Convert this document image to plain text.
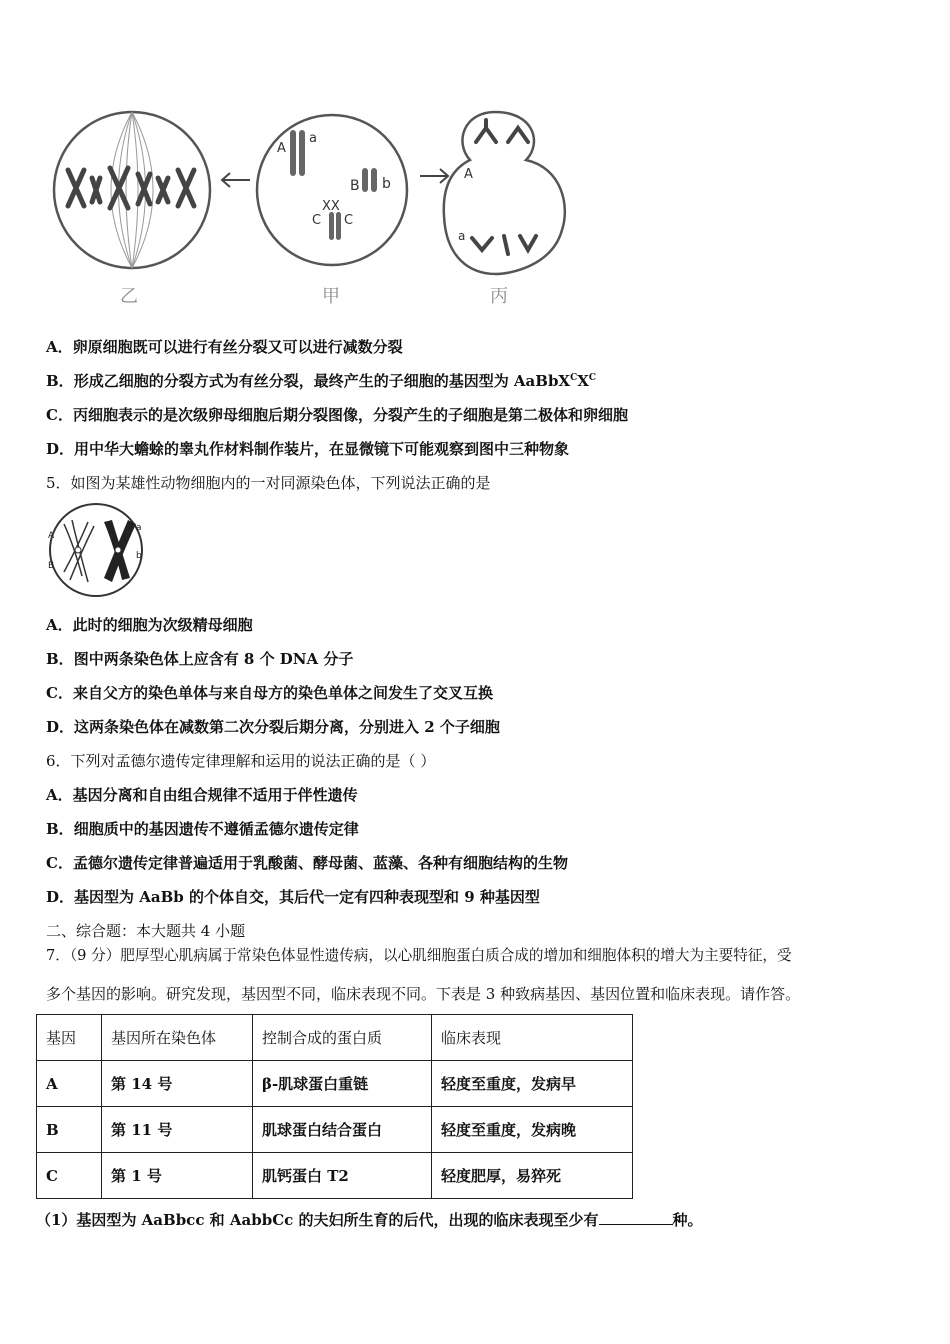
a
A
B b
XX
C C
A
a
乙	甲	丙
A．卵原细胞既可以进行有丝分裂又可以进行减数分裂
B．形成乙细胞的分裂方式为有丝分裂，最终产生的子细胞的基因型为 $AaBbX^CX^C$
C．丙细胞表示的是次级卵母细胞后期分裂图像，分裂产生的子细胞是第二极体和卵细胞
D．用中华大蟾蜍的睾丸作材料制作装片，在显微镜下可能观察到图中三种物象
5．如图为某雄性动物细胞内的一对同源染色体，下列说法正确的是
A
B
a
b
A．此时的细胞为次级精母细胞
B．图中两条染色体上应含有 8 个 DNA 分子
C．来自父方的染色单体与来自母方的染色单体之间发生了交叉互换
D．这两条染色体在减数第二次分裂后期分离，分别进入 2 个子细胞
6．下列对孟德尔遗传定律理解和运用的说法正确的是（ ）
A．基因分离和自由组合规律不适用于伴性遗传
B．细胞质中的基因遗传不遵循孟德尔遗传定律
C．孟德尔遗传定律普遍适用于乳酸菌、酵母菌、蓝藻、各种有细胞结构的生物
D．基因型为 AaBb 的个体自交，其后代一定有四种表现型和 9 种基因型
二、综合题：本大题共 4 小题
7．（9 分）肥厚型心肌病属于常染色体显性遗传病，以心肌细胞蛋白质合成的增加和细胞体积的增大为主要特征，受
多个基因的影响。研究发现，基因型不同，临床表现不同。下表是 3 种致病基因、基因位置和临床表现。请作答。
基因	基因所在染色体	控制合成的蛋白质	临床表现
A	第 14 号	β-肌球蛋白重链	轻度至重度，发病早
B	第 11 号	肌球蛋白结合蛋白	轻度至重度，发病晚
C	第 1 号	肌钙蛋白 T2	轻度肥厚，易猝死
（1）基因型为 AaBbcc 和 AabbCc 的夫妇所生育的后代，出现的临床表现至少有	种。
